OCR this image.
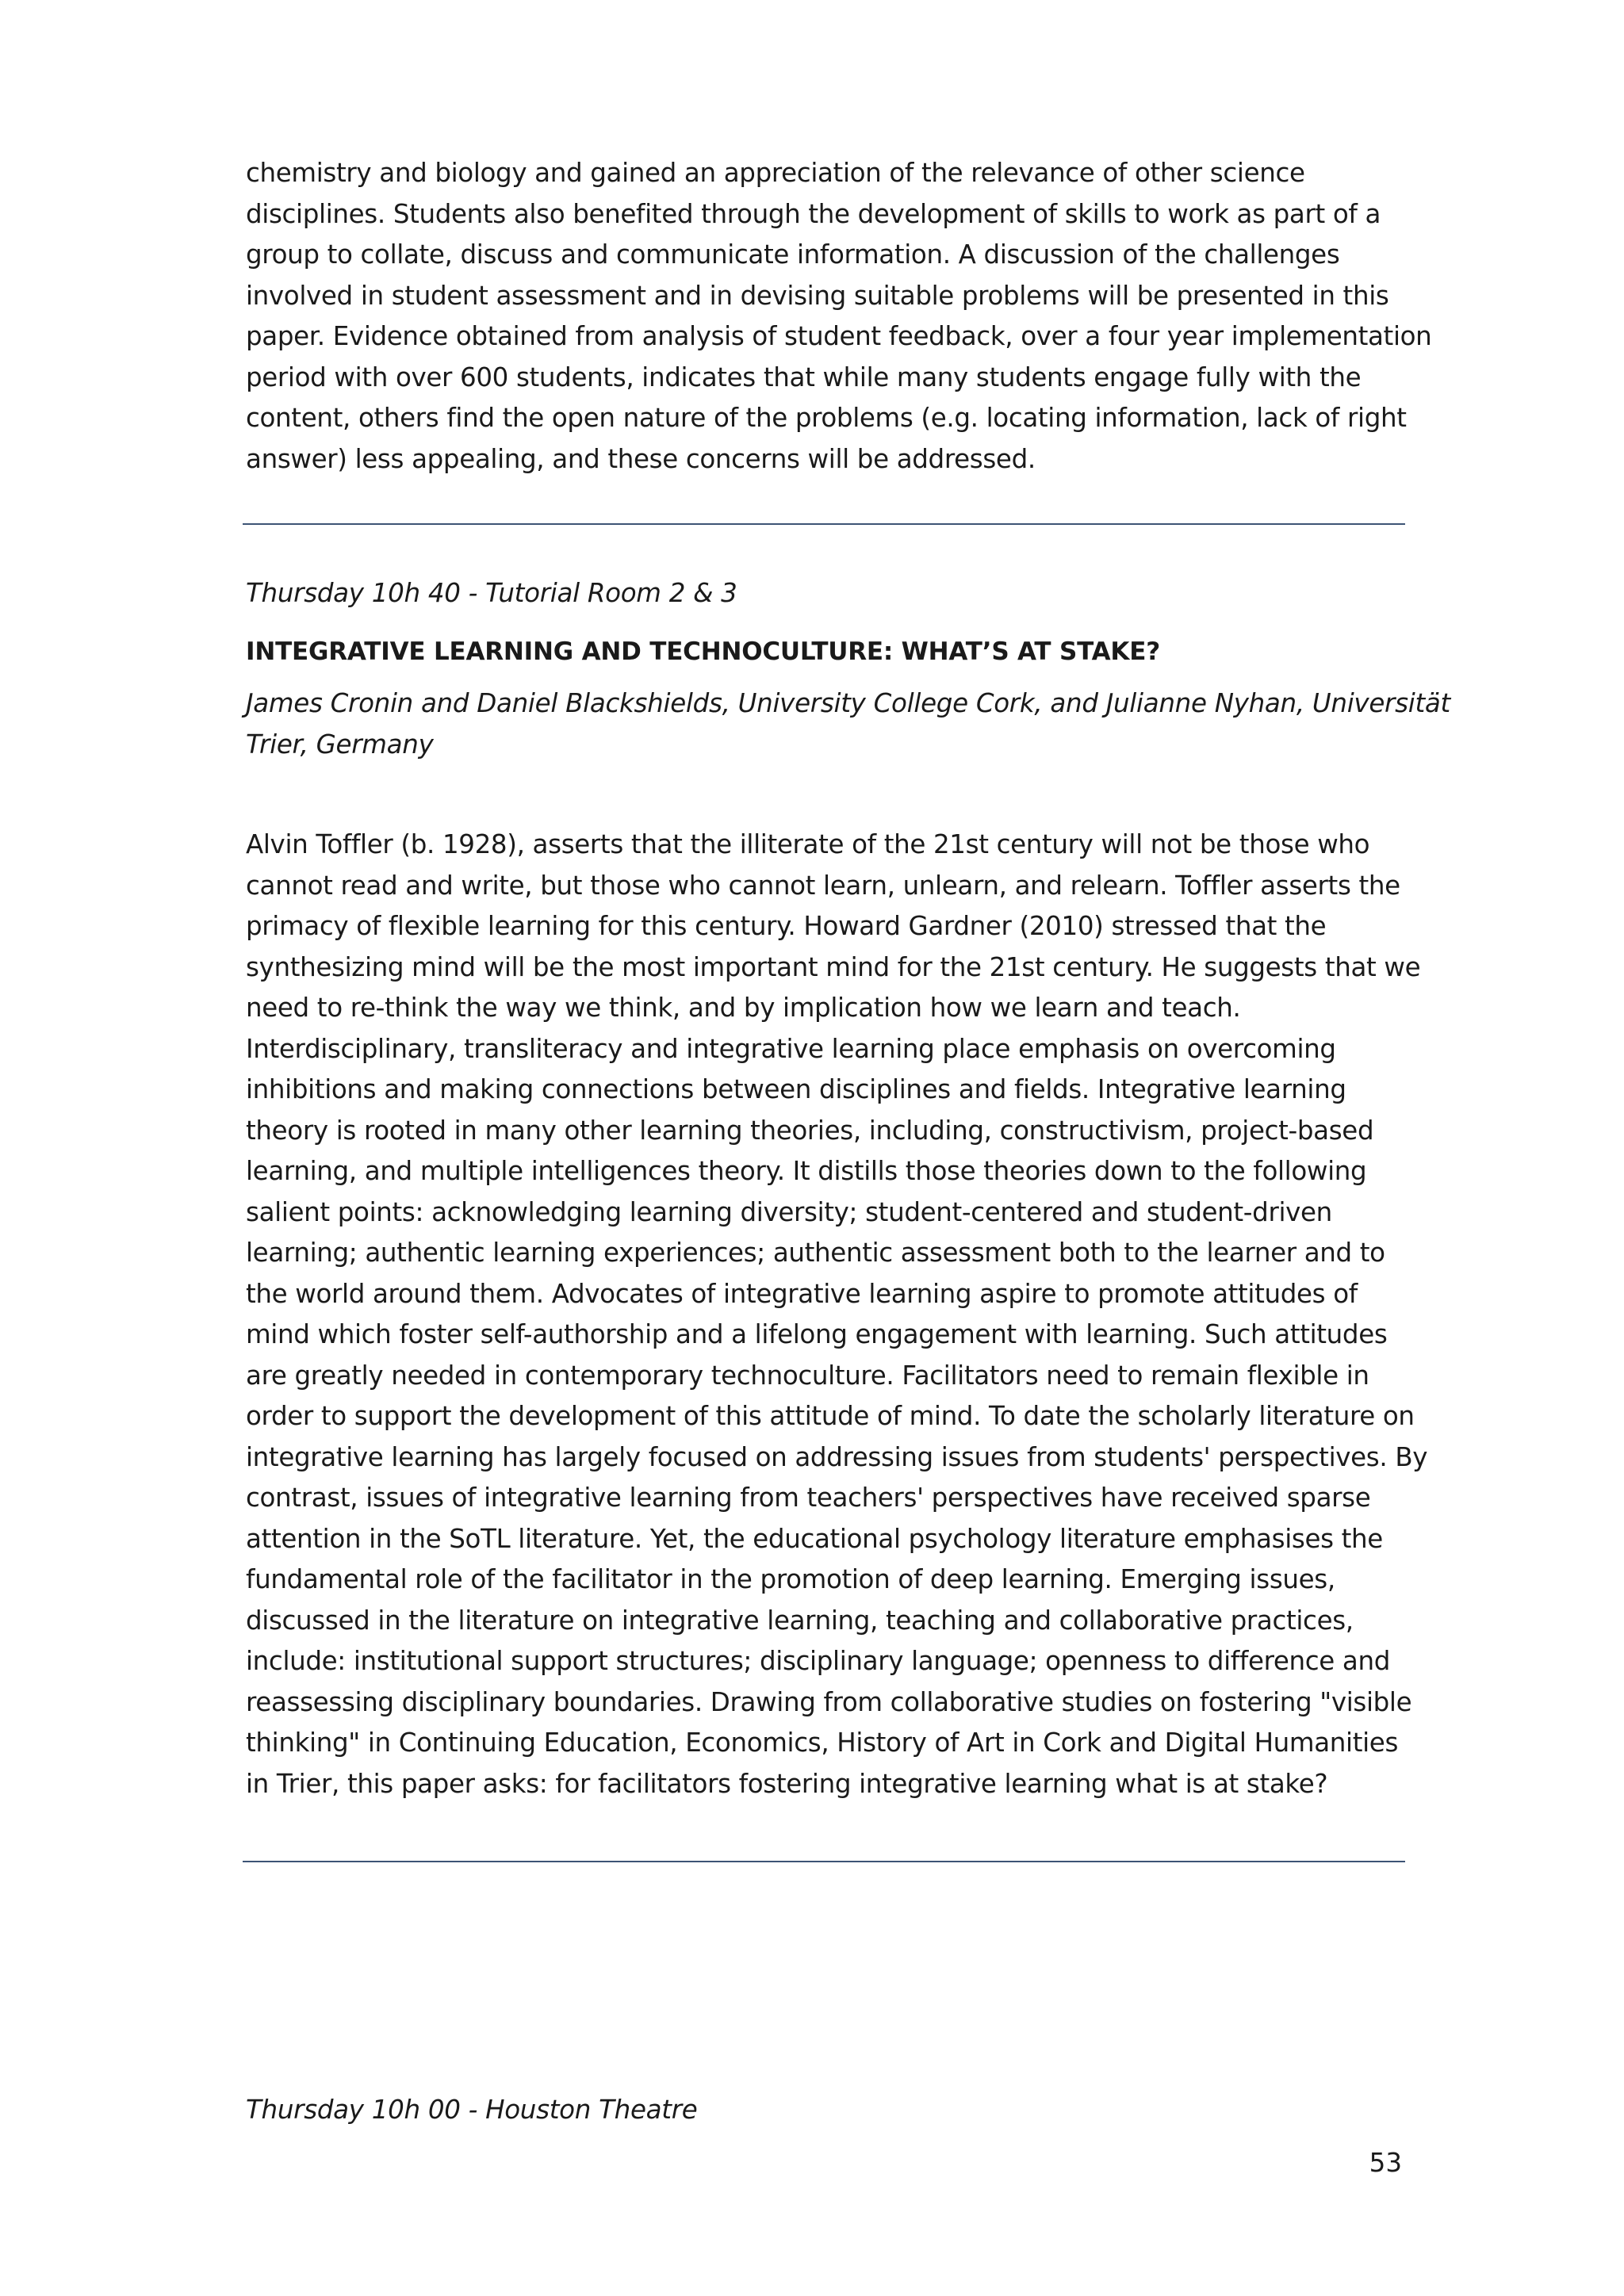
chemistry and biology and gained an appreciation of the relevance of other science
disciplines. Students also benefited through the development of skills to work as part of a
group to collate, discuss and communicate information. A discussion of the challenges
involved in student assessment and in devising suitable problems will be presented in this
paper. Evidence obtained from analysis of student feedback, over a four year implementation
period with over 600 students, indicates that while many students engage fully with the
content, others find the open nature of the problems (e.g. locating information, lack of right
answer) less appealing, and these concerns will be addressed.

Thursday 10h 40 - Tutorial Room 2 & 3

INTEGRATIVE LEARNING AND TECHNOCULTURE: WHAT’S AT STAKE?

James Cronin and Daniel Blackshields, University College Cork, and Julianne Nyhan, Universität
Trier, Germany
Alvin Toffler (b. 1928), asserts that the illiterate of the 21st century will not be those who
cannot read and write, but those who cannot learn, unlearn, and relearn. Toffler asserts the
primacy of flexible learning for this century. Howard Gardner (2010) stressed that the
synthesizing mind will be the most important mind for the 21st century. He suggests that we
need to re-think the way we think, and by implication how we learn and teach.
Interdisciplinary, transliteracy and integrative learning place emphasis on overcoming
inhibitions and making connections between disciplines and fields. Integrative learning
theory is rooted in many other learning theories, including, constructivism, project-based
learning, and multiple intelligences theory. It distills those theories down to the following
salient points: acknowledging learning diversity; student-centered and student-driven
learning; authentic learning experiences; authentic assessment both to the learner and to
the world around them. Advocates of integrative learning aspire to promote attitudes of
mind which foster self-authorship and a lifelong engagement with learning. Such attitudes
are greatly needed in contemporary technoculture. Facilitators need to remain flexible in
order to support the development of this attitude of mind. To date the scholarly literature on
integrative learning has largely focused on addressing issues from students' perspectives. By
contrast, issues of integrative learning from teachers' perspectives have received sparse
attention in the SoTL literature. Yet, the educational psychology literature emphasises the
fundamental role of the facilitator in the promotion of deep learning. Emerging issues,
discussed in the literature on integrative learning, teaching and collaborative practices,
include: institutional support structures; disciplinary language; openness to difference and
reassessing disciplinary boundaries. Drawing from collaborative studies on fostering "visible
thinking" in Continuing Education, Economics, History of Art in Cork and Digital Humanities
in Trier, this paper asks: for facilitators fostering integrative learning what is at stake?

Thursday 10h 00 - Houston Theatre

53
